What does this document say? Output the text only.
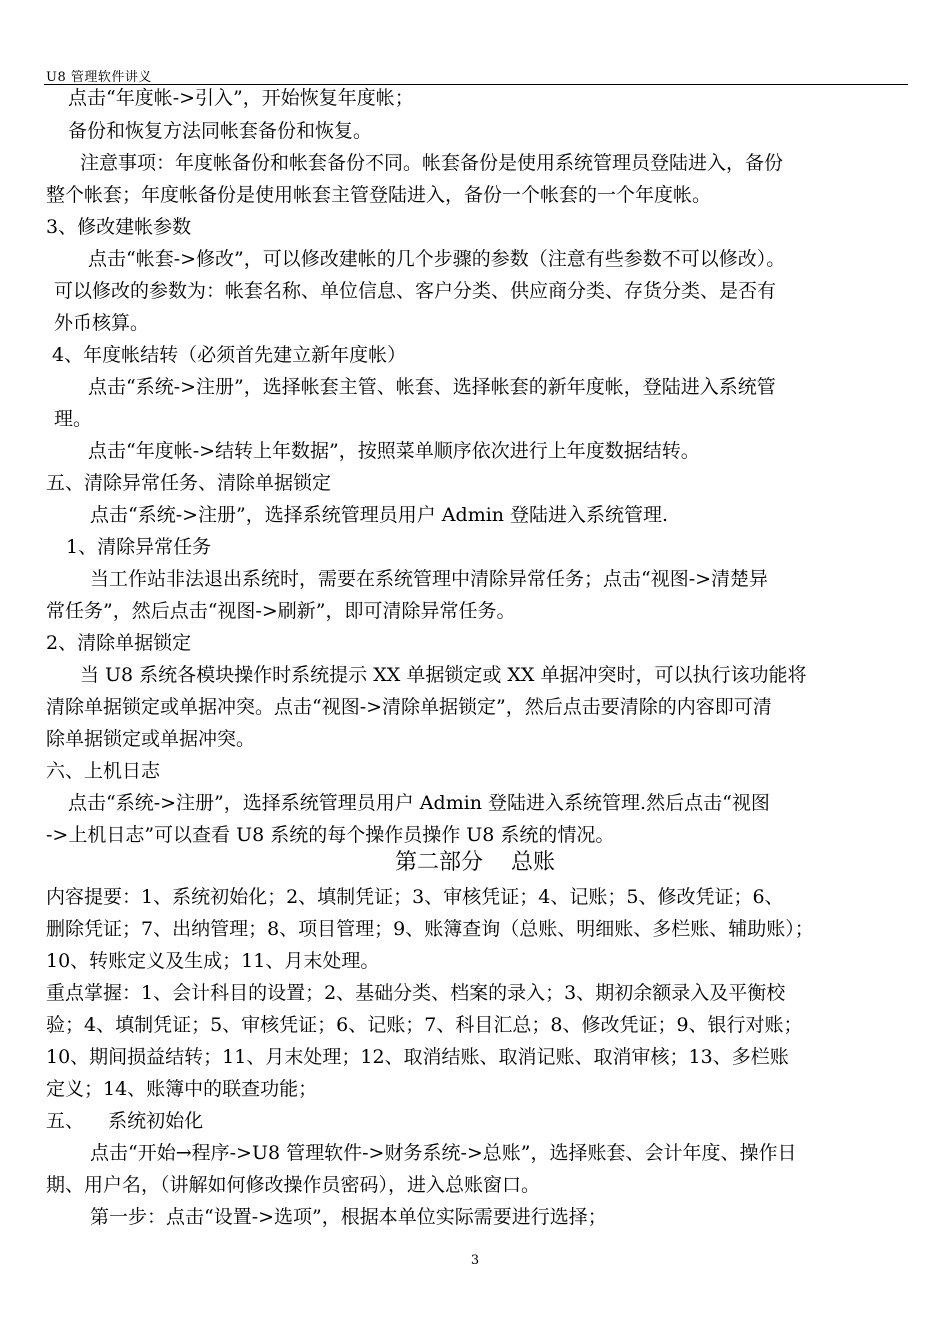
U8 管理软件讲义
点击“年度帐->引入”，开始恢复年度帐；
备份和恢复方法同帐套备份和恢复。
注意事项：年度帐备份和帐套备份不同。帐套备份是使用系统管理员登陆进入，备份
整个帐套；年度帐备份是使用帐套主管登陆进入，备份一个帐套的一个年度帐。
3、修改建帐参数
点击“帐套->修改”，可以修改建帐的几个步骤的参数（注意有些参数不可以修改）。
可以修改的参数为：帐套名称、单位信息、客户分类、供应商分类、存货分类、是否有
外币核算。
4、年度帐结转（必须首先建立新年度帐）
点击“系统->注册”，选择帐套主管、帐套、选择帐套的新年度帐，登陆进入系统管
理。
点击“年度帐->结转上年数据”，按照菜单顺序依次进行上年度数据结转。
五、清除异常任务、清除单据锁定
点击“系统->注册”，选择系统管理员用户 Admin 登陆进入系统管理.
1、清除异常任务
当工作站非法退出系统时，需要在系统管理中清除异常任务；点击“视图->清楚异
常任务”，然后点击“视图->刷新”，即可清除异常任务。
2、清除单据锁定
当 U8 系统各模块操作时系统提示 XX 单据锁定或 XX 单据冲突时，可以执行该功能将
清除单据锁定或单据冲突。点击“视图->清除单据锁定”，然后点击要清除的内容即可清
除单据锁定或单据冲突。
六、上机日志
点击“系统->注册”，选择系统管理员用户 Admin 登陆进入系统管理.然后点击“视图
->上机日志”可以查看 U8 系统的每个操作员操作 U8 系统的情况。
第二部分    总账
内容提要：1、系统初始化；2、填制凭证；3、审核凭证；4、记账；5、修改凭证；6、
删除凭证；7、出纳管理；8、项目管理；9、账簿查询（总账、明细账、多栏账、辅助账）；
10、转账定义及生成；11、月末处理。
重点掌握：1、会计科目的设置；2、基础分类、档案的录入；3、期初余额录入及平衡校
验；4、填制凭证；5、审核凭证；6、记账；7、科目汇总；8、修改凭证；9、银行对账；
10、期间损益结转；11、月末处理；12、取消结账、取消记账、取消审核；13、多栏账
定义；14、账簿中的联查功能；
五、    系统初始化
点击“开始→程序->U8 管理软件->财务系统->总账”，选择账套、会计年度、操作日
期、用户名，（讲解如何修改操作员密码），进入总账窗口。
第一步：点击“设置->选项”，根据本单位实际需要进行选择；
3
